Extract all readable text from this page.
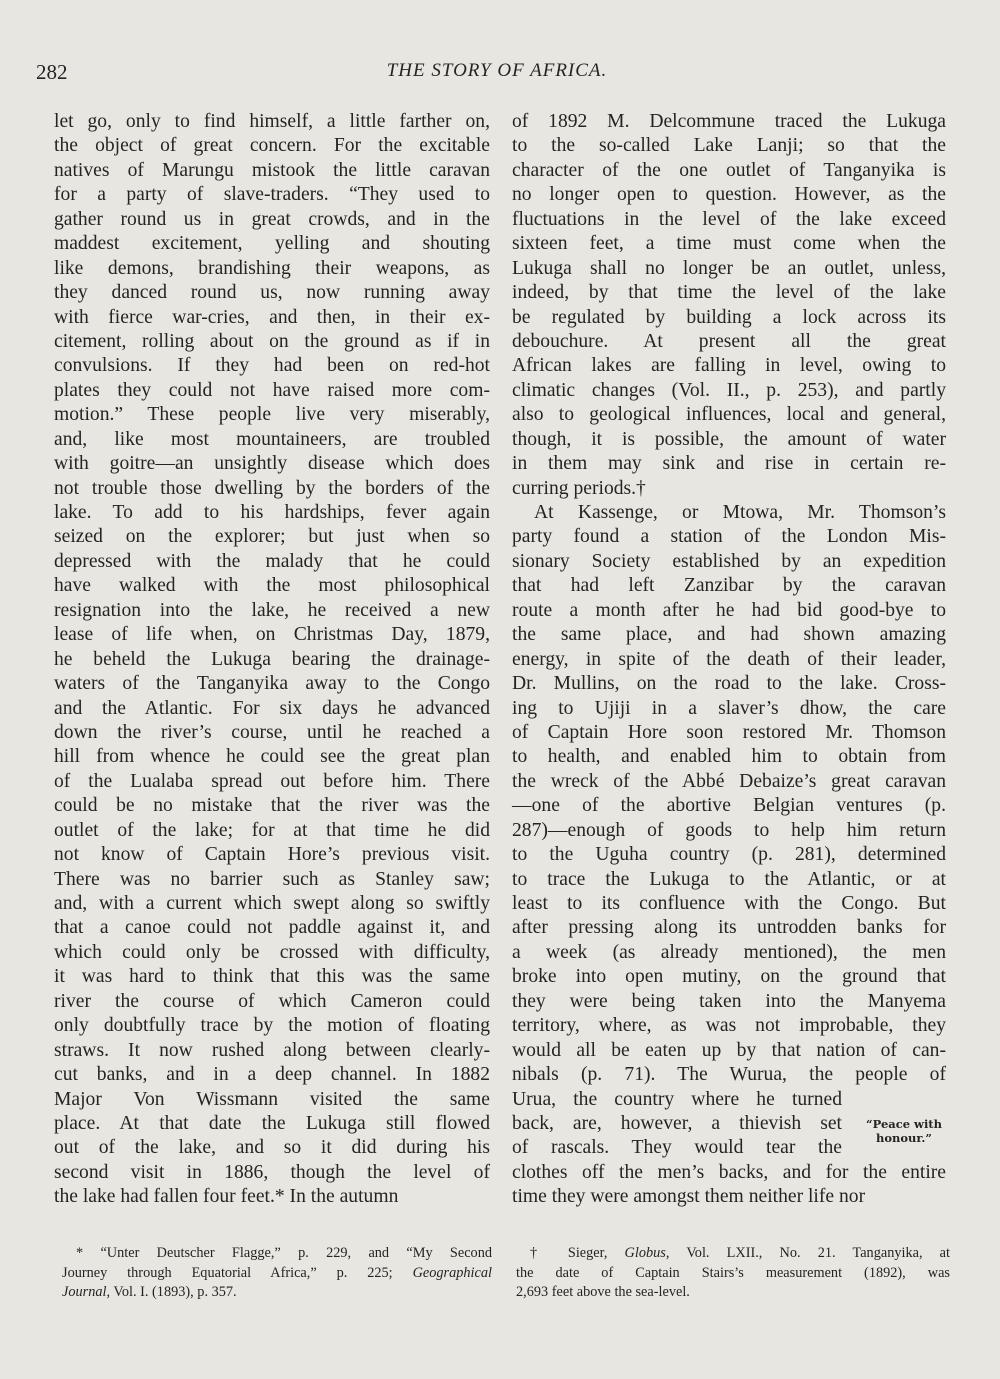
282	THE STORY OF AFRICA.
let go, only to find himself, a little farther on,
the object of great concern. For the excitable
natives of Marungu mistook the little caravan
for a party of slave-traders. “They used to
gather round us in great crowds, and in the
maddest excitement, yelling and shouting
like demons, brandishing their weapons, as
they danced round us, now running away
with fierce war-cries, and then, in their ex-
citement, rolling about on the ground as if in
convulsions. If they had been on red-hot
plates they could not have raised more com-
motion.” These people live very miserably,
and, like most mountaineers, are troubled
with goitre—an unsightly disease which does
not trouble those dwelling by the borders of the
lake. To add to his hardships, fever again
seized on the explorer; but just when so
depressed with the malady that he could
have walked with the most philosophical
resignation into the lake, he received a new
lease of life when, on Christmas Day, 1879,
he beheld the Lukuga bearing the drainage-
waters of the Tanganyika away to the Congo
and the Atlantic. For six days he advanced
down the river’s course, until he reached a
hill from whence he could see the great plan
of the Lualaba spread out before him. There
could be no mistake that the river was the
outlet of the lake; for at that time he did
not know of Captain Hore’s previous visit.
There was no barrier such as Stanley saw;
and, with a current which swept along so swiftly
that a canoe could not paddle against it, and
which could only be crossed with difficulty,
it was hard to think that this was the same
river the course of which Cameron could
only doubtfully trace by the motion of floating
straws. It now rushed along between clearly-
cut banks, and in a deep channel. In 1882
Major Von Wissmann visited the same
place. At that date the Lukuga still flowed
out of the lake, and so it did during his
second visit in 1886, though the level of
the lake had fallen four feet.* In the autumn
of 1892 M. Delcommune traced the Lukuga
to the so-called Lake Lanji; so that the
character of the one outlet of Tanganyika is
no longer open to question. However, as the
fluctuations in the level of the lake exceed
sixteen feet, a time must come when the
Lukuga shall no longer be an outlet, unless,
indeed, by that time the level of the lake
be regulated by building a lock across its
debouchure. At present all the great
African lakes are falling in level, owing to
climatic changes (Vol. II., p. 253), and partly
also to geological influences, local and general,
though, it is possible, the amount of water
in them may sink and rise in certain re-
curring periods.†
At Kassenge, or Mtowa, Mr. Thomson’s
party found a station of the London Mis-
sionary Society established by an expedition
that had left Zanzibar by the caravan
route a month after he had bid good-bye to
the same place, and had shown amazing
energy, in spite of the death of their leader,
Dr. Mullins, on the road to the lake. Cross-
ing to Ujiji in a slaver’s dhow, the care
of Captain Hore soon restored Mr. Thomson
to health, and enabled him to obtain from
the wreck of the Abbé Debaize’s great caravan
—one of the abortive Belgian ventures (p.
287)—enough of goods to help him return
to the Uguha country (p. 281), determined
to trace the Lukuga to the Atlantic, or at
least to its confluence with the Congo. But
after pressing along its untrodden banks for
a week (as already mentioned), the men
broke into open mutiny, on the ground that
they were being taken into the Manyema
territory, where, as was not improbable, they
would all be eaten up by that nation of can-
nibals (p. 71). The Wurua, the people of
Urua, the country where he turned
back, are, however, a thievish set
of rascals. They would tear the
clothes off the men’s backs, and for the entire
time they were amongst them neither life nor
“Peace with
honour.”
* “Unter Deutscher Flagge,” p. 229, and “My Second
Journey through Equatorial Africa,” p. 225; Geographical
Journal, Vol. I. (1893), p. 357.
† Sieger, Globus, Vol. LXII., No. 21. Tanganyika, at
the date of Captain Stairs’s measurement (1892), was
2,693 feet above the sea-level.
